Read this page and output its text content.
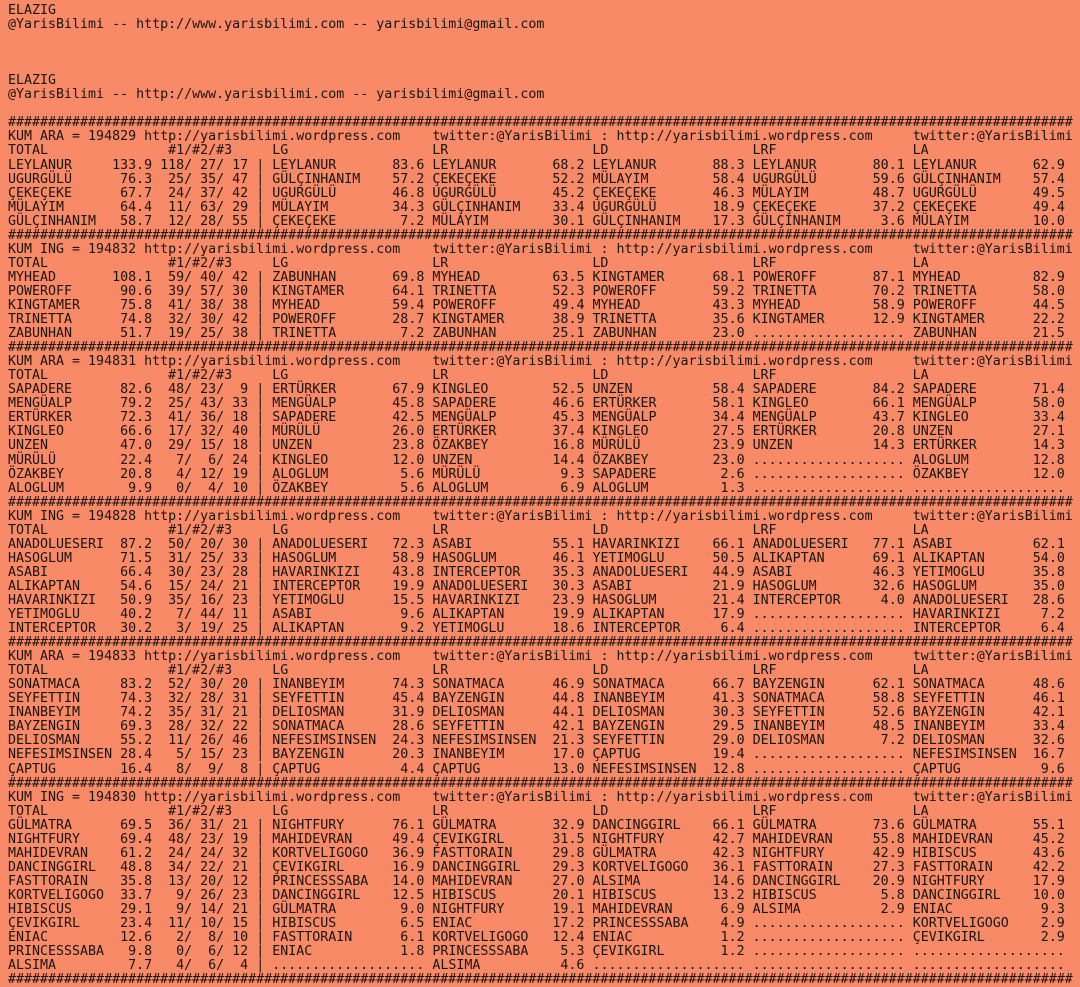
ELAZIG
@YarisBilimi -- http://www.yarisbilimi.com -- yarisbilimi@gmail.com
ELAZIG
@YarisBilimi -- http://www.yarisbilimi.com -- yarisbilimi@gmail.com
#####################################################################################################################################
KUM ARA = 194829 http://yarisbilimi.wordpress.com twitter:@YarisBilimi : http://yarisbilimi.wordpress.com	twitter:@YarisBilimi
TOTAL               #1/#2/#3     LG                  LR                  LD                  LRF                 LA
LEYLANUR     133.9 118/ 27/ 17 | LEYLANUR       83.6 LEYLANUR       68.2 LEYLANUR       88.3 LEYLANUR       80.1 LEYLANUR       62.9
UGURGÜLÜ      76.3  25/ 35/ 47 | GÜLÇINHANIM    57.2 ÇEKEÇEKE       52.2 MÜLAYIM        58.4 UGURGÜLÜ       59.6 GÜLÇINHANIM    57.4
ÇEKEÇEKE      67.7  24/ 37/ 42 | UGURGÜLÜ       46.8 UGURGÜLÜ       45.2 ÇEKEÇEKE       46.3 MÜLAYIM        48.7 UGURGÜLÜ       49.5
MÜLAYIM       64.4  11/ 63/ 29 | MÜLAYIM        34.3 GÜLÇINHANIM    33.4 UGURGÜLÜ       18.9 ÇEKEÇEKE       37.2 ÇEKEÇEKE       49.4
GÜLÇINHANIM   58.7  12/ 28/ 55 | ÇEKEÇEKE        7.2 MÜLAYIM        30.1 GÜLÇINHANIM    17.3 GÜLÇINHANIM     3.6 MÜLAYIM        10.0
#####################################################################################################################################
KUM ING = 194832 http://yarisbilimi.wordpress.com twitter:@YarisBilimi : http://yarisbilimi.wordpress.com	twitter:@YarisBilimi
TOTAL               #1/#2/#3     LG                  LR                  LD                  LRF                 LA
MYHEAD       108.1  59/ 40/ 42 | ZABUNHAN       69.8 MYHEAD         63.5 KINGTAMER      68.1 POWEROFF       87.1 MYHEAD         82.9
POWEROFF      90.6  39/ 57/ 30 | KINGTAMER      64.1 TRINETTA       52.3 POWEROFF       59.2 TRINETTA       70.2 TRINETTA       58.0
KINGTAMER     75.8  41/ 38/ 38 | MYHEAD         59.4 POWEROFF       49.4 MYHEAD         43.3 MYHEAD         58.9 POWEROFF       44.5
TRINETTA      74.8  32/ 30/ 42 | POWEROFF       28.7 KINGTAMER      38.9 TRINETTA       35.6 KINGTAMER      12.9 KINGTAMER      22.2
ZABUNHAN      51.7  19/ 25/ 38 | TRINETTA        7.2 ZABUNHAN       25.1 ZABUNHAN       23.0 ................... ZABUNHAN       21.5
#####################################################################################################################################
KUM ARA = 194831 http://yarisbilimi.wordpress.com twitter:@YarisBilimi : http://yarisbilimi.wordpress.com	twitter:@YarisBilimi
TOTAL               #1/#2/#3     LG                  LR                  LD                  LRF                 LA
SAPADERE      82.6  48/ 23/  9 | ERTÜRKER       67.9 KINGLEO        52.5 UNZEN          58.4 SAPADERE       84.2 SAPADERE       71.4
MENGÜALP      79.2  25/ 43/ 33 | MENGÜALP       45.8 SAPADERE       46.6 ERTÜRKER       58.1 KINGLEO        66.1 MENGÜALP       58.0
ERTÜRKER      72.3  41/ 36/ 18 | SAPADERE       42.5 MENGÜALP       45.3 MENGÜALP       34.4 MENGÜALP       43.7 KINGLEO        33.4
KINGLEO       66.6  17/ 32/ 40 | MÜRÜLÜ         26.0 ERTÜRKER       37.4 KINGLEO        27.5 ERTÜRKER       20.8 UNZEN          27.1
UNZEN         47.0  29/ 15/ 18 | UNZEN          23.8 ÖZAKBEY        16.8 MÜRÜLÜ         23.9 UNZEN          14.3 ERTÜRKER       14.3
MÜRÜLÜ        22.4   7/  6/ 24 | KINGLEO        12.0 UNZEN          14.4 ÖZAKBEY        23.0 ................... ALOGLUM        12.8
ÖZAKBEY       20.8   4/ 12/ 19 | ALOGLUM         5.6 MÜRÜLÜ          9.3 SAPADERE        2.6 ................... ÖZAKBEY        12.0
ALOGLUM        9.9   0/  4/ 10 | ÖZAKBEY         5.6 ALOGLUM         6.9 ALOGLUM         1.3 ................... ...................
#####################################################################################################################################
KUM ING = 194828 http://yarisbilimi.wordpress.com twitter:@YarisBilimi : http://yarisbilimi.wordpress.com	twitter:@YarisBilimi
TOTAL               #1/#2/#3     LG                  LR                  LD                  LRF                 LA
ANADOLUESERI  87.2  50/ 20/ 30 | ANADOLUESERI   72.3 ASABI          55.1 HAVARINKIZI    66.1 ANADOLUESERI   77.1 ASABI          62.1
HASOGLUM      71.5  31/ 25/ 33 | HASOGLUM       58.9 HASOGLUM       46.1 YETIMOGLU      50.5 ALIKAPTAN      69.1 ALIKAPTAN      54.0
ASABI         66.4  30/ 23/ 28 | HAVARINKIZI    43.8 INTERCEPTOR    35.3 ANADOLUESERI   44.9 ASABI          46.3 YETIMOGLU      35.8
ALIKAPTAN     54.6  15/ 24/ 21 | INTERCEPTOR    19.9 ANADOLUESERI   30.3 ASABI          21.9 HASOGLUM       32.6 HASOGLUM       35.0
HAVARINKIZI   50.9  35/ 16/ 23 | YETIMOGLU      15.5 HAVARINKIZI    23.9 HASOGLUM       21.4 INTERCEPTOR     4.0 ANADOLUESERI   28.6
YETIMOGLU     40.2   7/ 44/ 11 | ASABI           9.6 ALIKAPTAN      19.9 ALIKAPTAN      17.9 ................... HAVARINKIZI     7.2
INTERCEPTOR   30.2   3/ 19/ 25 | ALIKAPTAN       9.2 YETIMOGLU      18.6 INTERCEPTOR     6.4 ................... INTERCEPTOR     6.4
#####################################################################################################################################
KUM ARA = 194833 http://yarisbilimi.wordpress.com twitter:@YarisBilimi : http://yarisbilimi.wordpress.com	twitter:@YarisBilimi
TOTAL               #1/#2/#3     LG                  LR                  LD                  LRF                 LA
SONATMACA     83.2  52/ 30/ 20 | INANBEYIM      74.3 SONATMACA      46.9 SONATMACA      66.7 BAYZENGIN      62.1 SONATMACA      48.6
SEYFETTIN     74.3  32/ 28/ 31 | SEYFETTIN      45.4 BAYZENGIN      44.8 INANBEYIM      41.3 SONATMACA      58.8 SEYFETTIN      46.1
INANBEYIM     74.2  35/ 31/ 21 | DELIOSMAN      31.9 DELIOSMAN      44.1 DELIOSMAN      30.3 SEYFETTIN      52.6 BAYZENGIN      42.1
BAYZENGIN     69.3  28/ 32/ 22 | SONATMACA      28.6 SEYFETTIN      42.1 BAYZENGIN      29.5 INANBEYIM      48.5 INANBEYIM      33.4
DELIOSMAN     55.2  11/ 26/ 46 | NEFESIMSINSEN  24.3 NEFESIMSINSEN  21.3 SEYFETTIN      29.0 DELIOSMAN       7.2 DELIOSMAN      32.6
NEFESIMSINSEN 28.4   5/ 15/ 23 | BAYZENGIN      20.3 INANBEYIM      17.0 ÇAPTUG         19.4 ................... NEFESIMSINSEN  16.7
ÇAPTUG        16.4   8/  9/  8 | ÇAPTUG          4.4 ÇAPTUG         13.0 NEFESIMSINSEN  12.8 ................... ÇAPTUG          9.6
#####################################################################################################################################
KUM ING = 194830 http://yarisbilimi.wordpress.com twitter:@YarisBilimi : http://yarisbilimi.wordpress.com	twitter:@YarisBilimi
TOTAL               #1/#2/#3     LG                  LR                  LD                  LRF                 LA
GÜLMATRA      69.5  36/ 31/ 21 | NIGHTFURY      76.1 GÜLMATRA       32.9 DANCINGGIRL    66.1 GÜLMATRA       73.6 GÜLMATRA       55.1
NIGHTFURY     69.4  48/ 23/ 19 | MAHIDEVRAN     49.4 ÇEVIKGIRL      31.5 NIGHTFURY      42.7 MAHIDEVRAN     55.8 MAHIDEVRAN     45.2
MAHIDEVRAN    61.2  24/ 24/ 32 | KORTVELIGOGO   36.9 FASTTORAIN     29.8 GÜLMATRA       42.3 NIGHTFURY      42.9 HIBISCUS       43.6
DANCINGGIRL   48.8  34/ 22/ 21 | ÇEVIKGIRL      16.9 DANCINGGIRL    29.3 KORTVELIGOGO   36.1 FASTTORAIN     27.3 FASTTORAIN     42.2
FASTTORAIN    35.8  13/ 20/ 12 | PRINCESSSABA   14.0 MAHIDEVRAN     27.0 ALSIMA         14.6 DANCINGGIRL    20.9 NIGHTFURY      17.9
KORTVELIGOGO  33.7   9/ 26/ 23 | DANCINGGIRL    12.5 HIBISCUS       20.1 HIBISCUS       13.2 HIBISCUS        5.8 DANCINGGIRL    10.0
HIBISCUS      29.1   9/ 14/ 21 | GÜLMATRA        9.0 NIGHTFURY      19.1 MAHIDEVRAN      6.9 ALSIMA          2.9 ENIAC           9.3
ÇEVIKGIRL     23.4  11/ 10/ 15 | HIBISCUS        6.5 ENIAC          17.2 PRINCESSSABA    4.9 ................... KORTVELIGOGO    2.9
ENIAC         12.6   2/  8/ 10 | FASTTORAIN      6.1 KORTVELIGOGO   12.4 ENIAC           1.2 ................... ÇEVIKGIRL       2.9
PRINCESSSABA   9.8   0/  6/ 12 | ENIAC           1.8 PRINCESSSABA    5.3 ÇEVIKGIRL       1.2 ................... ...................
ALSIMA         7.7   4/  6/  4 | ................... ALSIMA          4.6 ................... ................... ...................
#####################################################################################################################################
